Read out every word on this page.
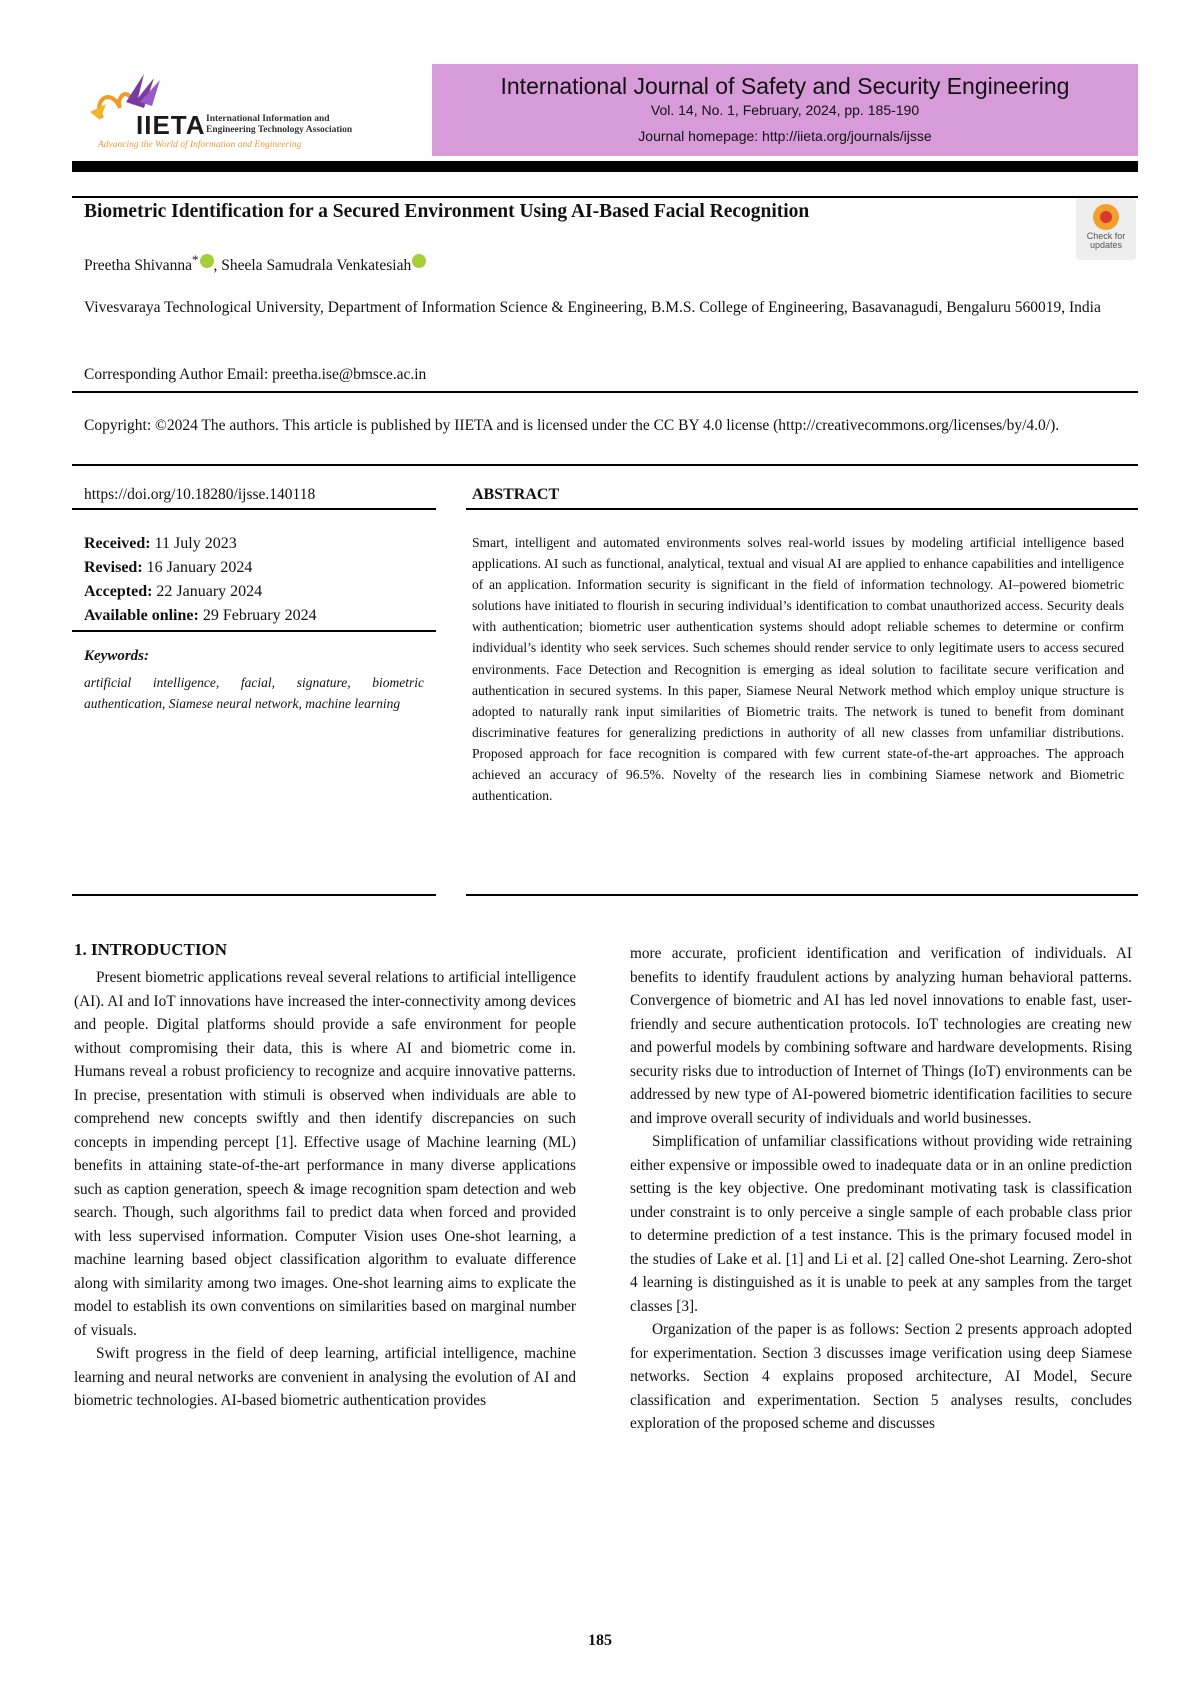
IIETA International Information and Engineering Technology Association
Advancing the World of Information and Engineering
International Journal of Safety and Security Engineering
Vol. 14, No. 1, February, 2024, pp. 185-190
Journal homepage: http://iieta.org/journals/ijsse
Biometric Identification for a Secured Environment Using AI-Based Facial Recognition
Check for updates
Preetha Shivanna* , Sheela Samudrala Venkatesiah
Vivesvaraya Technological University, Department of Information Science & Engineering, B.M.S. College of Engineering, Basavanagudi, Bengaluru 560019, India
Corresponding Author Email: preetha.ise@bmsce.ac.in
Copyright: ©2024 The authors. This article is published by IIETA and is licensed under the CC BY 4.0 license (http://creativecommons.org/licenses/by/4.0/).
https://doi.org/10.18280/ijsse.140118	ABSTRACT
Received: 11 July 2023
Revised: 16 January 2024
Accepted: 22 January 2024
Available online: 29 February 2024
Keywords:
artificial intelligence, facial, signature, biometric authentication, Siamese neural network, machine learning
Smart, intelligent and automated environments solves real-world issues by modeling artificial intelligence based applications. AI such as functional, analytical, textual and visual AI are applied to enhance capabilities and intelligence of an application. Information security is significant in the field of information technology. AI–powered biometric solutions have initiated to flourish in securing individual’s identification to combat unauthorized access. Security deals with authentication; biometric user authentication systems should adopt reliable schemes to determine or confirm individual’s identity who seek services. Such schemes should render service to only legitimate users to access secured environments. Face Detection and Recognition is emerging as ideal solution to facilitate secure verification and authentication in secured systems. In this paper, Siamese Neural Network method which employ unique structure is adopted to naturally rank input similarities of Biometric traits. The network is tuned to benefit from dominant discriminative features for generalizing predictions in authority of all new classes from unfamiliar distributions. Proposed approach for face recognition is compared with few current state-of-the-art approaches. The approach achieved an accuracy of 96.5%. Novelty of the research lies in combining Siamese network and Biometric authentication.
1. INTRODUCTION

Present biometric applications reveal several relations to artificial intelligence (AI). AI and IoT innovations have increased the inter-connectivity among devices and people. Digital platforms should provide a safe environment for people without compromising their data, this is where AI and biometric come in. Humans reveal a robust proficiency to recognize and acquire innovative patterns. In precise, presentation with stimuli is observed when individuals are able to comprehend new concepts swiftly and then identify discrepancies on such concepts in impending percept [1]. Effective usage of Machine learning (ML) benefits in attaining state-of-the-art performance in many diverse applications such as caption generation, speech & image recognition spam detection and web search. Though, such algorithms fail to predict data when forced and provided with less supervised information. Computer Vision uses One-shot learning, a machine learning based object classification algorithm to evaluate difference along with similarity among two images. One-shot learning aims to explicate the model to establish its own conventions on similarities based on marginal number of visuals.

Swift progress in the field of deep learning, artificial intelligence, machine learning and neural networks are convenient in analysing the evolution of AI and biometric technologies. AI-based biometric authentication provides

more accurate, proficient identification and verification of individuals. AI benefits to identify fraudulent actions by analyzing human behavioral patterns. Convergence of biometric and AI has led novel innovations to enable fast, user-friendly and secure authentication protocols. IoT technologies are creating new and powerful models by combining software and hardware developments. Rising security risks due to introduction of Internet of Things (IoT) environments can be addressed by new type of AI-powered biometric identification facilities to secure and improve overall security of individuals and world businesses.

Simplification of unfamiliar classifications without providing wide retraining either expensive or impossible owed to inadequate data or in an online prediction setting is the key objective. One predominant motivating task is classification under constraint is to only perceive a single sample of each probable class prior to determine prediction of a test instance. This is the primary focused model in the studies of Lake et al. [1] and Li et al. [2] called One-shot Learning. Zero-shot 4 learning is distinguished as it is unable to peek at any samples from the target classes [3].

Organization of the paper is as follows: Section 2 presents approach adopted for experimentation. Section 3 discusses image verification using deep Siamese networks. Section 4 explains proposed architecture, AI Model, Secure classification and experimentation. Section 5 analyses results, concludes exploration of the proposed scheme and discusses

185
